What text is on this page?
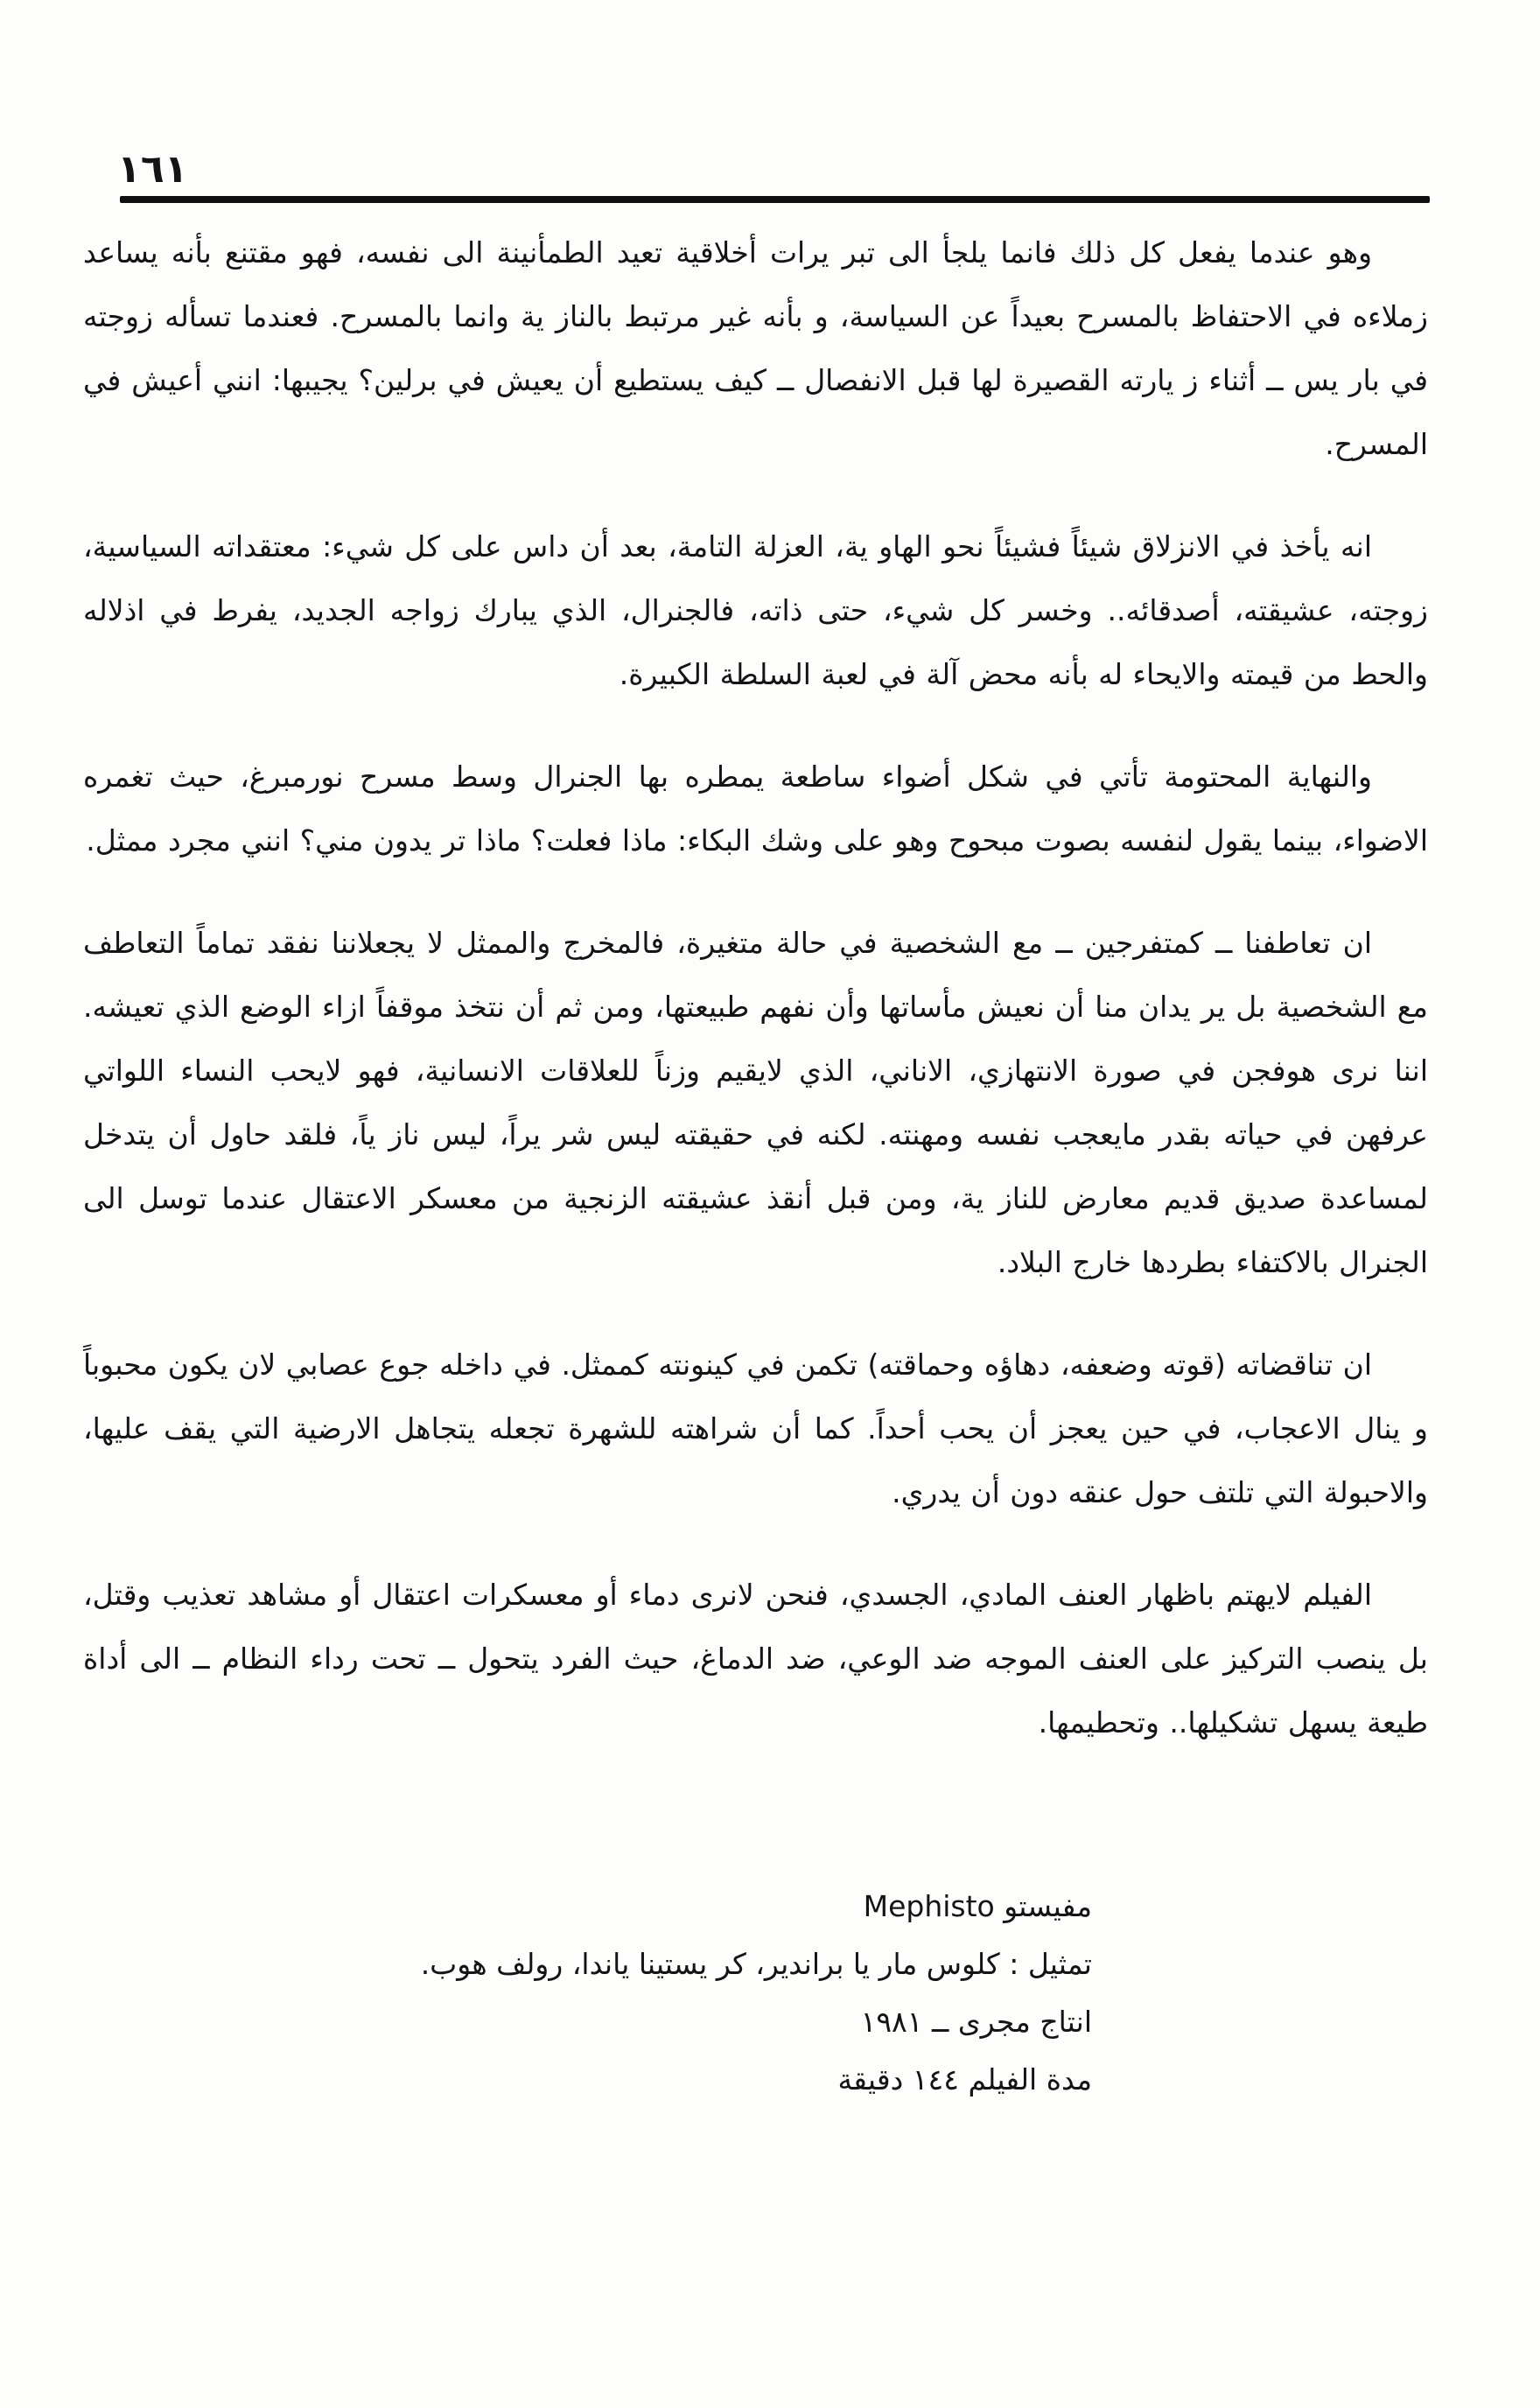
١٦١

وهو عندما يفعل كل ذلك فانما يلجأ الى تبر يرات أخلاقية تعيد الطمأنينة الى نفسه، فهو مقتنع بأنه يساعد زملاءه في الاحتفاظ بالمسرح بعيداً عن السياسة، و بأنه غير مرتبط بالناز ية وانما بالمسرح. فعندما تسأله زوجته في بار يس ــ أثناء ز يارته القصيرة لها قبل الانفصال ــ كيف يستطيع أن يعيش في برلين؟ يجيبها: انني أعيش في المسرح.

انه يأخذ في الانزلاق شيئاً فشيئاً نحو الهاو ية، العزلة التامة، بعد أن داس على كل شيء: معتقداته السياسية، زوجته، عشيقته، أصدقائه.. وخسر كل شيء، حتى ذاته، فالجنرال، الذي يبارك زواجه الجديد، يفرط في اذلاله والحط من قيمته والايحاء له بأنه محض آلة في لعبة السلطة الكبيرة.

والنهاية المحتومة تأتي في شكل أضواء ساطعة يمطره بها الجنرال وسط مسرح نورمبرغ، حيث تغمره الاضواء، بينما يقول لنفسه بصوت مبحوح وهو على وشك البكاء: ماذا فعلت؟ ماذا تر يدون مني؟ انني مجرد ممثل.

ان تعاطفنا ــ كمتفرجين ــ مع الشخصية في حالة متغيرة، فالمخرج والممثل لا يجعلاننا نفقد تماماً التعاطف مع الشخصية بل ير يدان منا أن نعيش مأساتها وأن نفهم طبيعتها، ومن ثم أن نتخذ موقفاً ازاء الوضع الذي تعيشه. اننا نرى هوفجن في صورة الانتهازي، الاناني، الذي لايقيم وزناً للعلاقات الانسانية، فهو لايحب النساء اللواتي عرفهن في حياته بقدر مايعجب نفسه ومهنته. لكنه في حقيقته ليس شر يراً، ليس ناز ياً، فلقد حاول أن يتدخل لمساعدة صديق قديم معارض للناز ية، ومن قبل أنقذ عشيقته الزنجية من معسكر الاعتقال عندما توسل الى الجنرال بالاكتفاء بطردها خارج البلاد.

ان تناقضاته (قوته وضعفه، دهاؤه وحماقته) تكمن في كينونته كممثل. في داخله جوع عصابي لان يكون محبوباً و ينال الاعجاب، في حين يعجز أن يحب أحداً. كما أن شراهته للشهرة تجعله يتجاهل الارضية التي يقف عليها، والاحبولة التي تلتف حول عنقه دون أن يدري.

الفيلم لايهتم باظهار العنف المادي، الجسدي، فنحن لانرى دماء أو معسكرات اعتقال أو مشاهد تعذيب وقتل، بل ينصب التركيز على العنف الموجه ضد الوعي، ضد الدماغ، حيث الفرد يتحول ــ تحت رداء النظام ــ الى أداة طيعة يسهل تشكيلها.. وتحطيمها.

مفيستو Mephisto

تمثيل : كلوس مار يا براندير، كر يستينا ياندا، رولف هوب.

انتاج مجرى ــ ١٩٨١

مدة الفيلم ١٤٤ دقيقة
